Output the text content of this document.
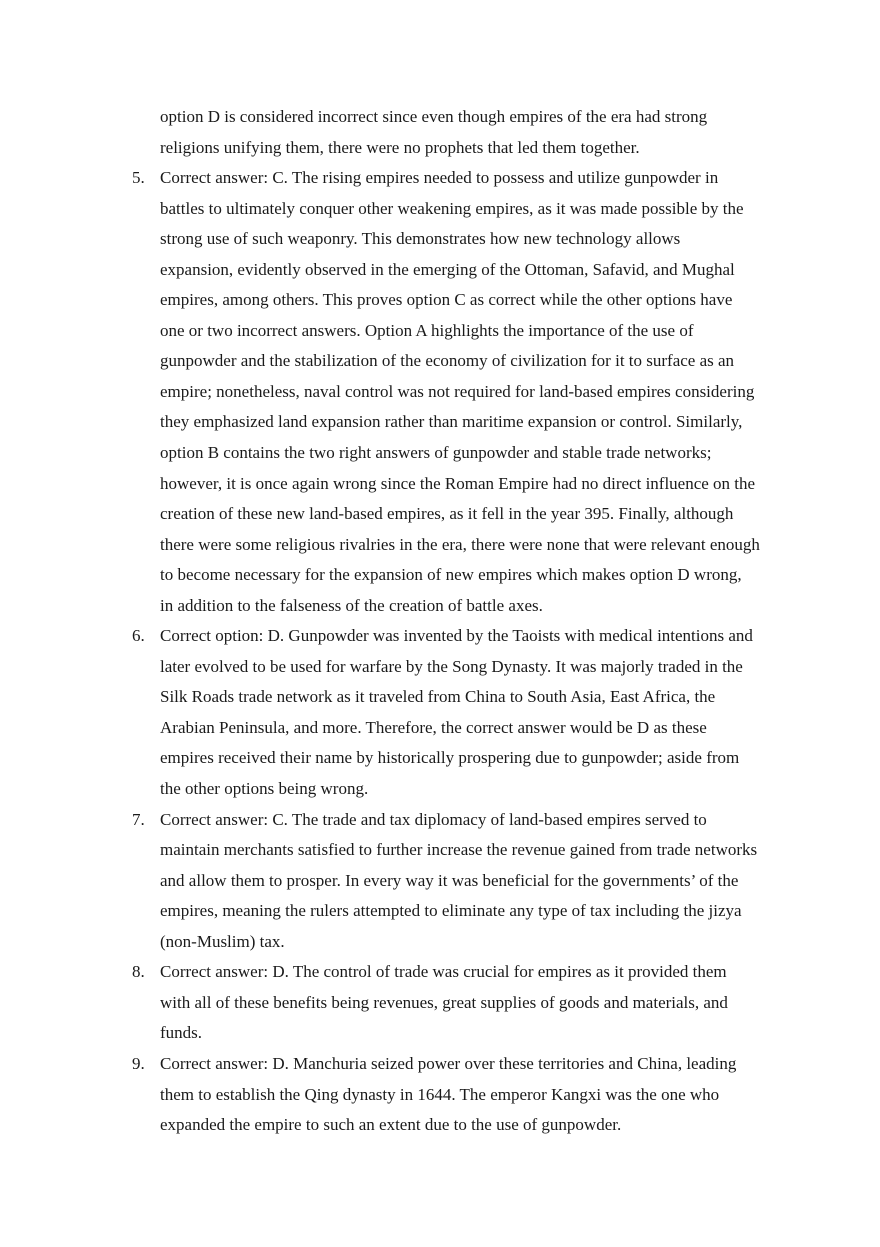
option D is considered incorrect since even though empires of the era had strong
religions unifying them, there were no prophets that led them together.
5. Correct answer: C. The rising empires needed to possess and utilize gunpowder in
battles to ultimately conquer other weakening empires, as it was made possible by the
strong use of such weaponry. This demonstrates how new technology allows
expansion, evidently observed in the emerging of the Ottoman, Safavid, and Mughal
empires, among others. This proves option C as correct while the other options have
one or two incorrect answers. Option A highlights the importance of the use of
gunpowder and the stabilization of the economy of civilization for it to surface as an
empire; nonetheless, naval control was not required for land-based empires considering
they emphasized land expansion rather than maritime expansion or control. Similarly,
option B contains the two right answers of gunpowder and stable trade networks;
however, it is once again wrong since the Roman Empire had no direct influence on the
creation of these new land-based empires, as it fell in the year 395. Finally, although
there were some religious rivalries in the era, there were none that were relevant enough
to become necessary for the expansion of new empires which makes option D wrong,
in addition to the falseness of the creation of battle axes.
6. Correct option: D. Gunpowder was invented by the Taoists with medical intentions and
later evolved to be used for warfare by the Song Dynasty. It was majorly traded in the
Silk Roads trade network as it traveled from China to South Asia, East Africa, the
Arabian Peninsula, and more. Therefore, the correct answer would be D as these
empires received their name by historically prospering due to gunpowder; aside from
the other options being wrong.
7. Correct answer: C. The trade and tax diplomacy of land-based empires served to
maintain merchants satisfied to further increase the revenue gained from trade networks
and allow them to prosper. In every way it was beneficial for the governments’ of the
empires, meaning the rulers attempted to eliminate any type of tax including the jizya
(non-Muslim) tax.
8. Correct answer: D. The control of trade was crucial for empires as it provided them
with all of these benefits being revenues, great supplies of goods and materials, and
funds.
9. Correct answer: D. Manchuria seized power over these territories and China, leading
them to establish the Qing dynasty in 1644. The emperor Kangxi was the one who
expanded the empire to such an extent due to the use of gunpowder.
